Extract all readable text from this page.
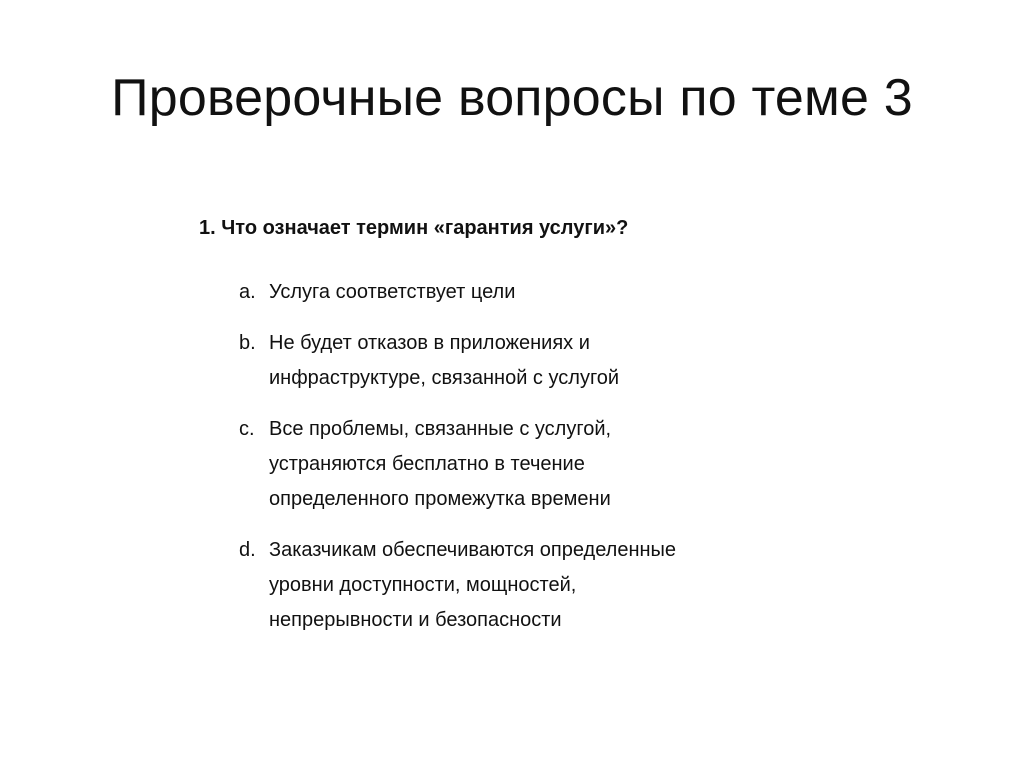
Проверочные вопросы по теме 3

1. Что означает термин «гарантия услуги»?

a. Услуга соответствует цели
b. Не будет отказов в приложениях и
инфраструктуре, связанной с услугой
c. Все проблемы, связанные с услугой,
устраняются бесплатно в течение
определенного промежутка времени
d. Заказчикам обеспечиваются определенные
уровни доступности, мощностей,
непрерывности и безопасности
